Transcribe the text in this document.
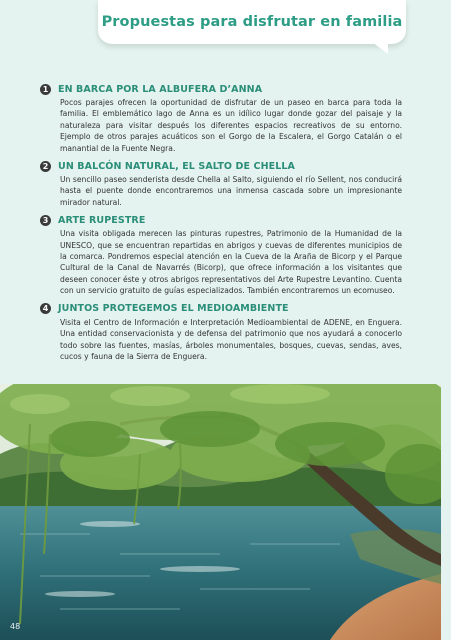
Propuestas para disfrutar en familia
1 EN BARCA POR LA ALBUFERA D’ANNA
Pocos parajes ofrecen la oportunidad de disfrutar de un paseo en barca para toda la familia. El emblemático lago de Anna es un idílico lugar donde gozar del paisaje y la naturaleza para visitar después los diferentes espacios recreativos de su entorno. Ejemplo de otros parajes acuáticos son el Gorgo de la Escalera, el Gorgo Catalán o el manantial de la Fuente Negra.
2 UN BALCÓN NATURAL, EL SALTO DE CHELLA
Un sencillo paseo senderista desde Chella al Salto, siguiendo el río Sellent, nos conducirá hasta el puente donde encontraremos una inmensa cascada sobre un impresionante mirador natural.
3 ARTE RUPESTRE
Una visita obligada merecen las pinturas rupestres, Patrimonio de la Humanidad de la UNESCO, que se encuentran repartidas en abrigos y cuevas de diferentes municipios de la comarca. Pondremos especial atención en la Cueva de la Araña de Bicorp y el Parque Cultural de la Canal de Navarrés (Bicorp), que ofrece información a los visitantes que deseen conocer éste y otros abrigos representativos del Arte Rupestre Levantino. Cuenta con un servicio gratuito de guías especializados. También encontraremos un ecomuseo.
4 JUNTOS PROTEGEMOS EL MEDIOAMBIENTE
Visita el Centro de Información e Interpretación Medioambiental de ADENE, en Enguera. Una entidad conservacionista y de defensa del patrimonio que nos ayudará a conocerlo todo sobre las fuentes, masías, árboles monumentales, bosques, cuevas, sendas, aves, cucos y fauna de la Sierra de Enguera.
48
